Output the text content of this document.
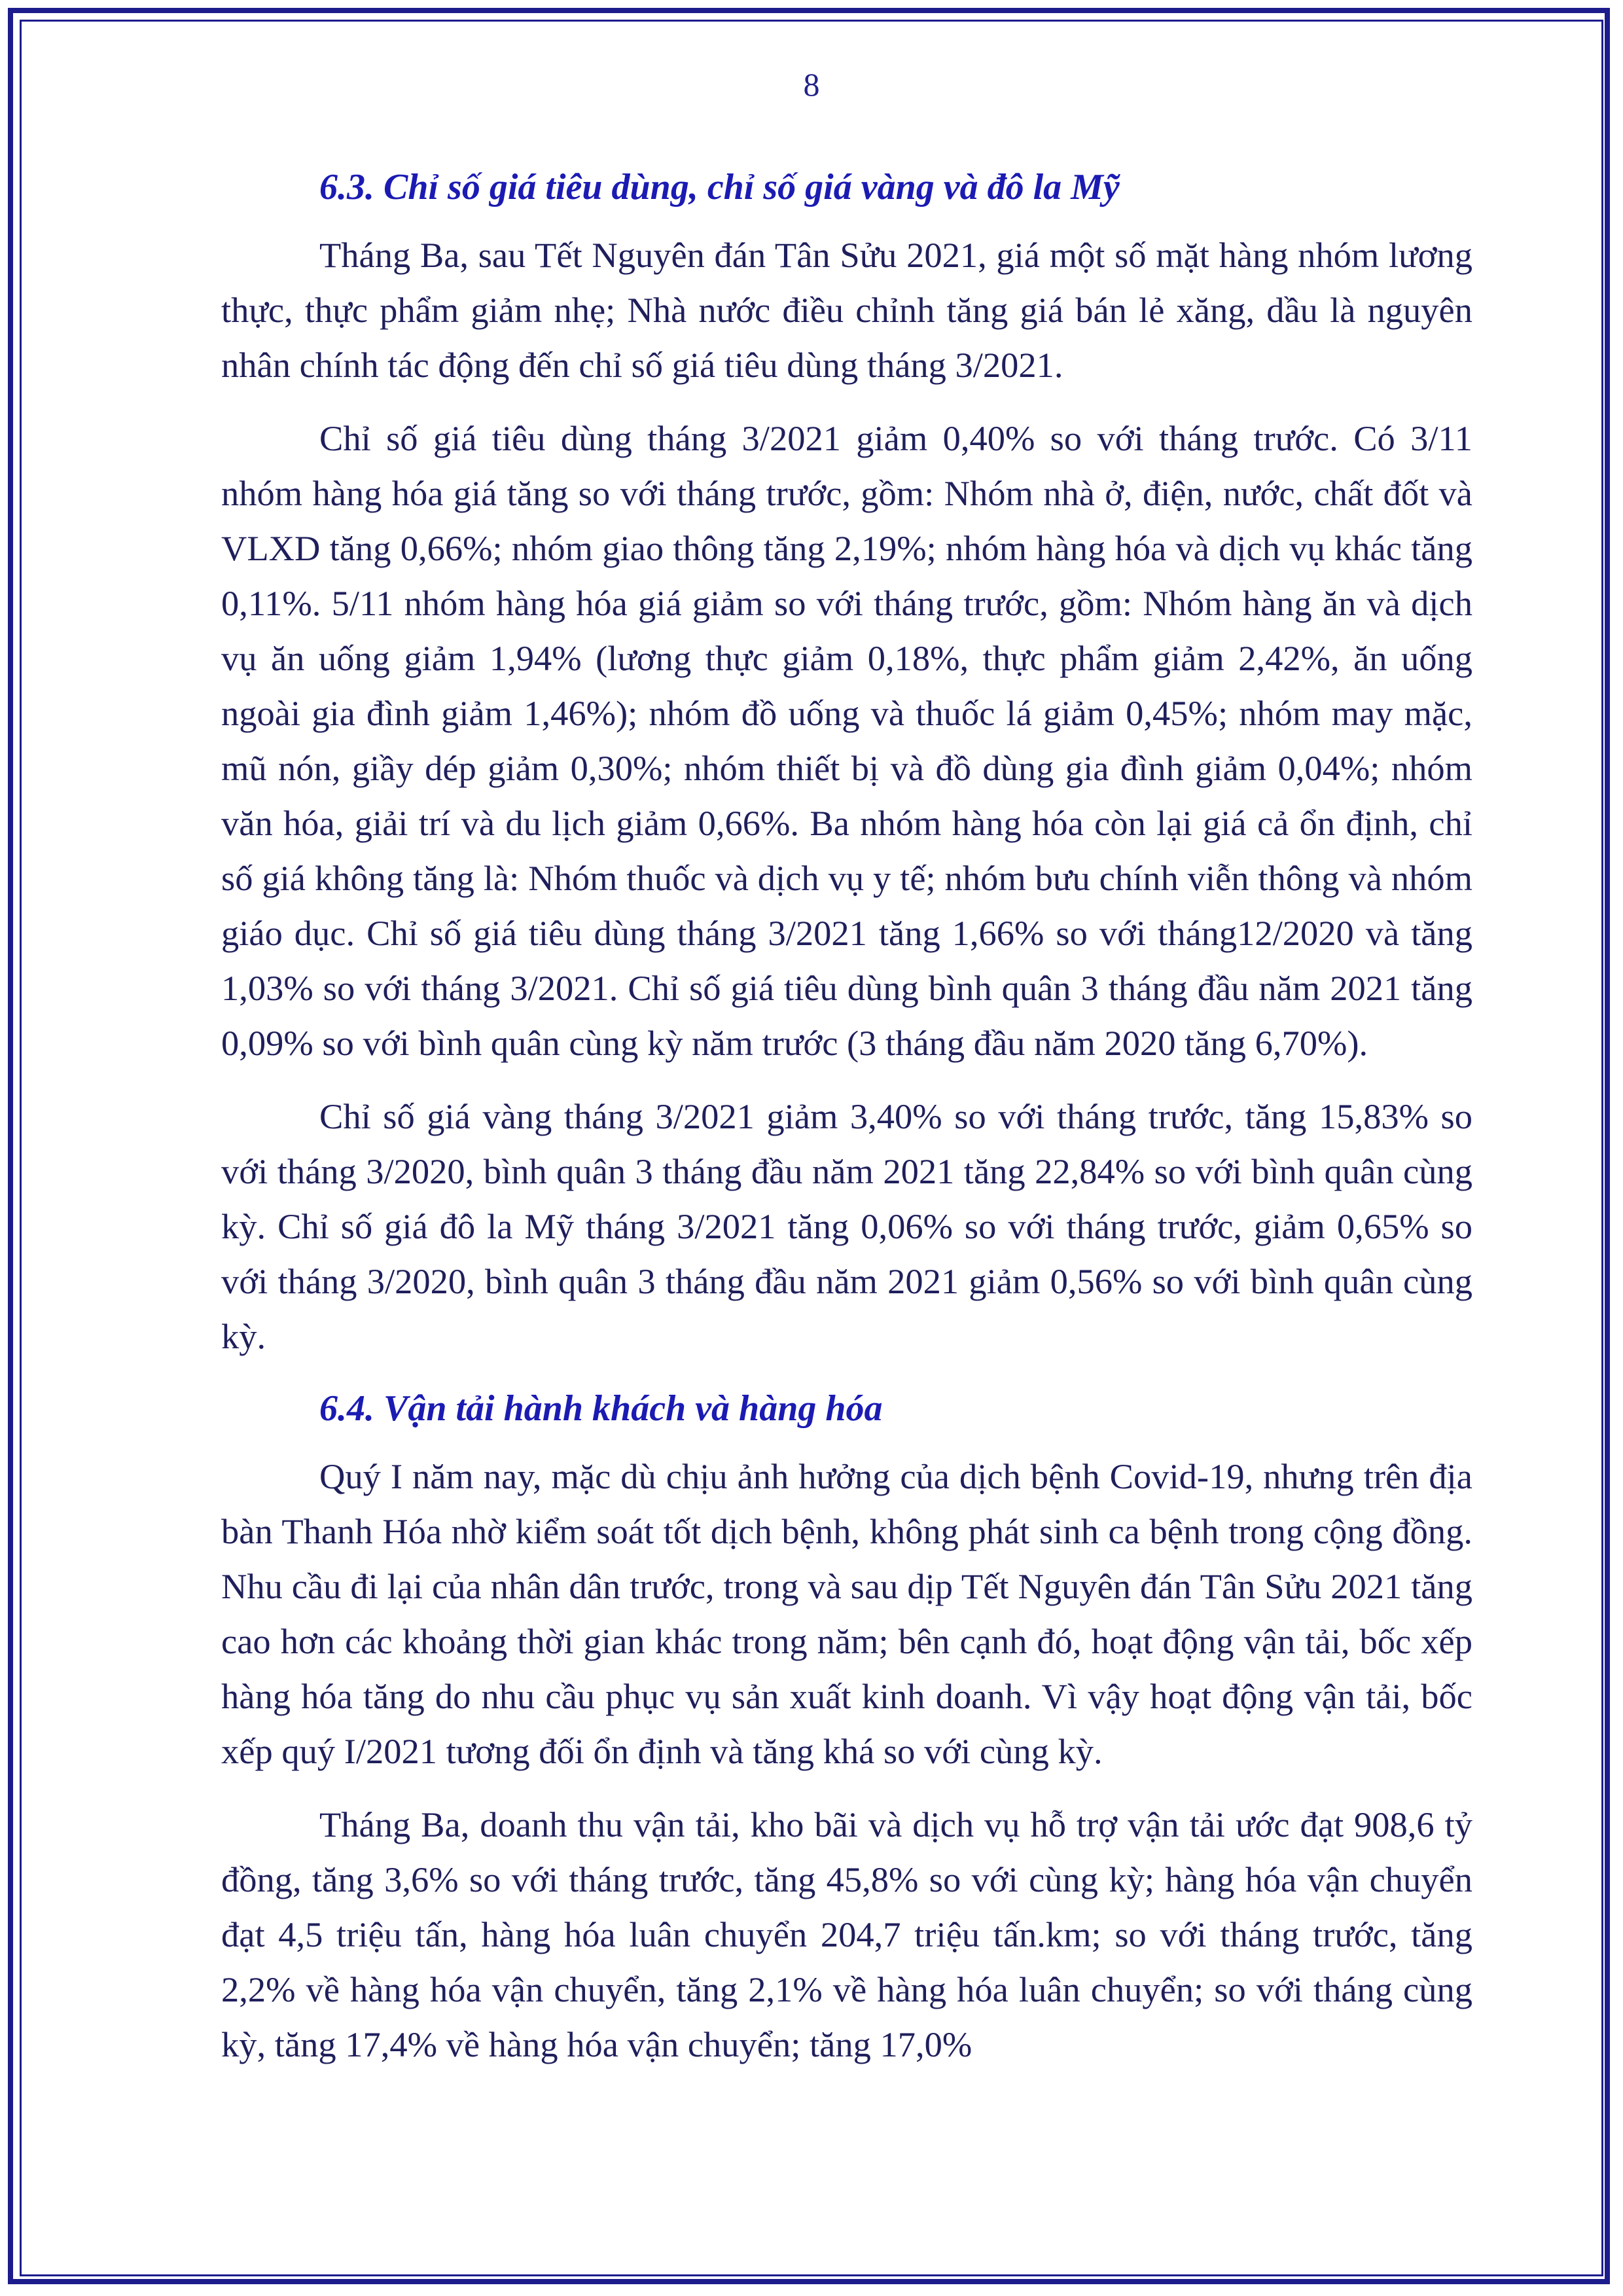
8
6.3. Chỉ số giá tiêu dùng, chỉ số giá vàng và đô la Mỹ

Tháng Ba, sau Tết Nguyên đán Tân Sửu 2021, giá một số mặt hàng nhóm lương thực, thực phẩm giảm nhẹ; Nhà nước điều chỉnh tăng giá bán lẻ xăng, dầu là nguyên nhân chính tác động đến chỉ số giá tiêu dùng tháng 3/2021.

Chỉ số giá tiêu dùng tháng 3/2021 giảm 0,40% so với tháng trước. Có 3/11 nhóm hàng hóa giá tăng so với tháng trước, gồm: Nhóm nhà ở, điện, nước, chất đốt và VLXD tăng 0,66%; nhóm giao thông tăng 2,19%; nhóm hàng hóa và dịch vụ khác tăng 0,11%. 5/11 nhóm hàng hóa giá giảm so với tháng trước, gồm: Nhóm hàng ăn và dịch vụ ăn uống giảm 1,94% (lương thực giảm 0,18%, thực phẩm giảm 2,42%, ăn uống ngoài gia đình giảm 1,46%); nhóm đồ uống và thuốc lá giảm 0,45%; nhóm may mặc, mũ nón, giầy dép giảm 0,30%; nhóm thiết bị và đồ dùng gia đình giảm 0,04%; nhóm văn hóa, giải trí và du lịch giảm 0,66%. Ba nhóm hàng hóa còn lại giá cả ổn định, chỉ số giá không tăng là: Nhóm thuốc và dịch vụ y tế; nhóm bưu chính viễn thông và nhóm giáo dục. Chỉ số giá tiêu dùng tháng 3/2021 tăng 1,66% so với tháng12/2020 và tăng 1,03% so với tháng 3/2021. Chỉ số giá tiêu dùng bình quân 3 tháng đầu năm 2021 tăng 0,09% so với bình quân cùng kỳ năm trước (3 tháng đầu năm 2020 tăng 6,70%).

Chỉ số giá vàng tháng 3/2021 giảm 3,40% so với tháng trước, tăng 15,83% so với tháng 3/2020, bình quân 3 tháng đầu năm 2021 tăng 22,84% so với bình quân cùng kỳ. Chỉ số giá đô la Mỹ tháng 3/2021 tăng 0,06% so với tháng trước, giảm 0,65% so với tháng 3/2020, bình quân 3 tháng đầu năm 2021 giảm 0,56% so với bình quân cùng kỳ.

6.4. Vận tải hành khách và hàng hóa

Quý I năm nay, mặc dù chịu ảnh hưởng của dịch bệnh Covid-19, nhưng trên địa bàn Thanh Hóa nhờ kiểm soát tốt dịch bệnh, không phát sinh ca bệnh trong cộng đồng. Nhu cầu đi lại của nhân dân trước, trong và sau dịp Tết Nguyên đán Tân Sửu 2021 tăng cao hơn các khoảng thời gian khác trong năm; bên cạnh đó, hoạt động vận tải, bốc xếp hàng hóa tăng do nhu cầu phục vụ sản xuất kinh doanh. Vì vậy hoạt động vận tải, bốc xếp quý I/2021 tương đối ổn định và tăng khá so với cùng kỳ.

Tháng Ba, doanh thu vận tải, kho bãi và dịch vụ hỗ trợ vận tải ước đạt 908,6 tỷ đồng, tăng 3,6% so với tháng trước, tăng 45,8% so với cùng kỳ; hàng hóa vận chuyển đạt 4,5 triệu tấn, hàng hóa luân chuyển 204,7 triệu tấn.km; so với tháng trước, tăng 2,2% về hàng hóa vận chuyển, tăng 2,1% về hàng hóa luân chuyển; so với tháng cùng kỳ, tăng 17,4% về hàng hóa vận chuyển; tăng 17,0%
